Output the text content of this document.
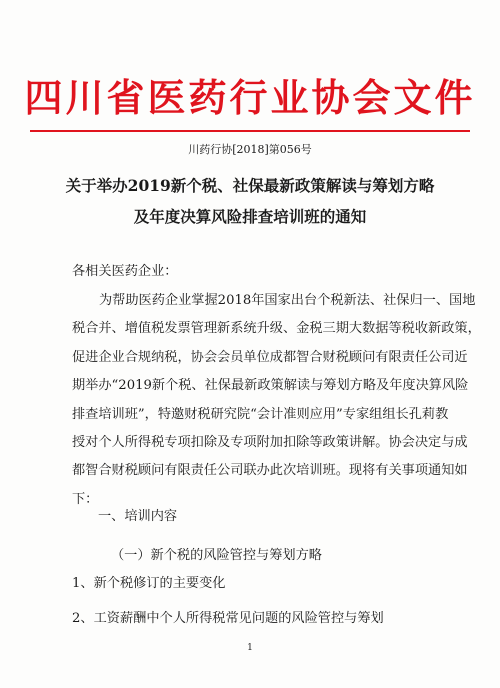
四川省医药行业协会文件
川药行协[2018]第056号
关于举办2019新个税、社保最新政策解读与筹划方略
及年度决算风险排查培训班的通知
各相关医药企业：
为帮助医药企业掌握2018年国家出台个税新法、社保归一、国地
税合并、增值税发票管理新系统升级、金税三期大数据等税收新政策，
促进企业合规纳税，协会会员单位成都智合财税顾问有限责任公司近
期举办“2019新个税、社保最新政策解读与筹划方略及年度决算风险
排查培训班”，特邀财税研究院“会计准则应用”专家组组长孔莉教
授对个人所得税专项扣除及专项附加扣除等政策讲解。协会决定与成
都智合财税顾问有限责任公司联办此次培训班。现将有关事项通知如
下：
一、培训内容
（一）新个税的风险管控与筹划方略
1、新个税修订的主要变化
2、工资薪酬中个人所得税常见问题的风险管控与筹划
1
